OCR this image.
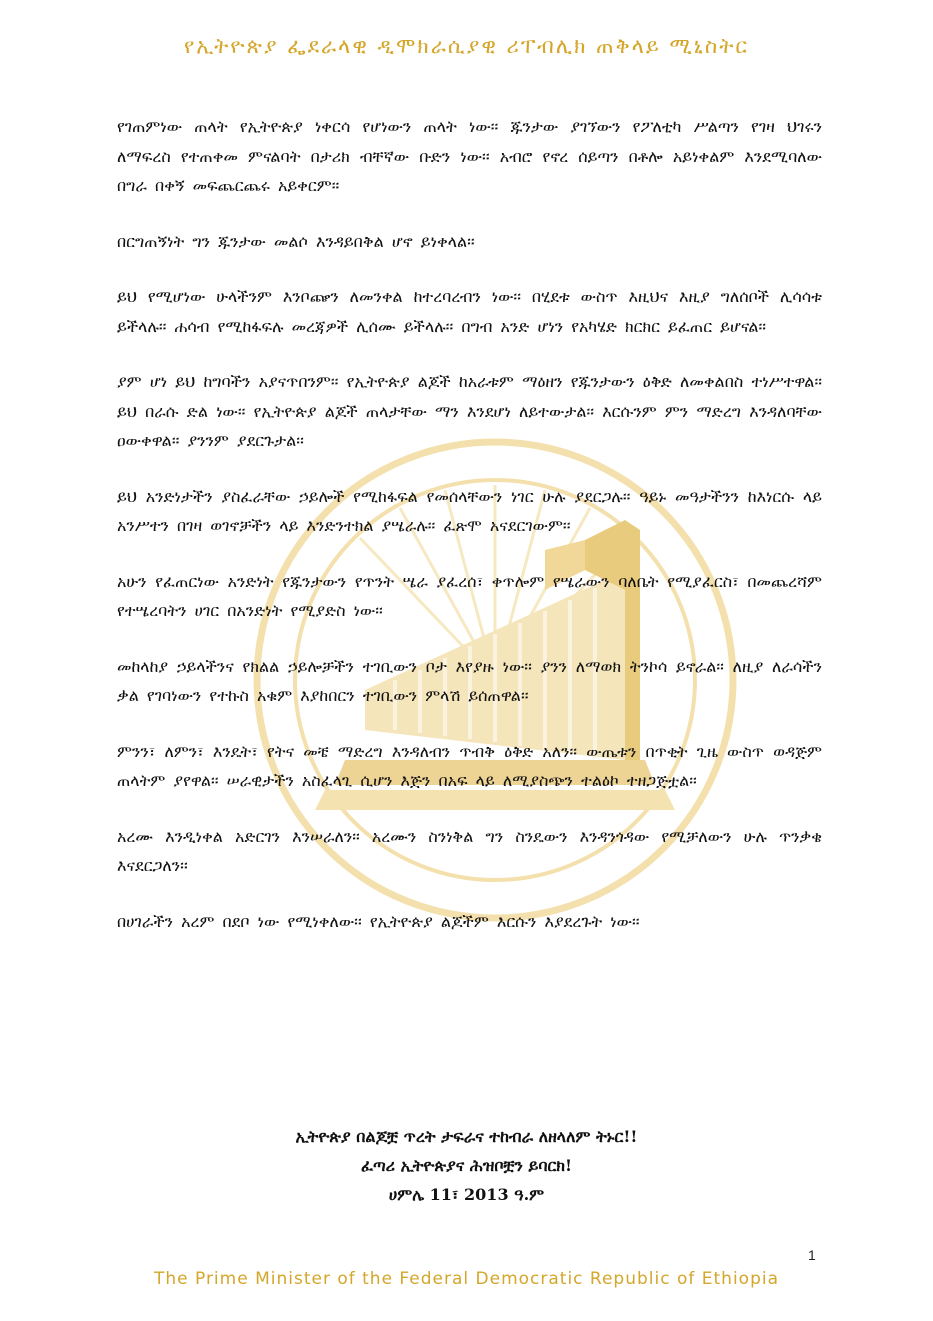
የኢትዮጵያ ፌደራላዊ ዲሞክራሲያዊ ሪፐብሊክ ጠቅላይ ሚኒስትር

የገጠምነው ጠላት የኢትዮጵያ ነቀርሳ የሆነውን ጠላት ነው፡፡ ጁንታው ያገኘውን የፖለቲካ ሥልጣን የገዛ ህገሩን ለማፍረስ የተጠቀመ ምናልባት በታሪክ ብቸኛው ቡድን ነው፡፡ አብሮ የኖረ ሰይጣን በቶሎ አይነቀልም እንደሚባለው በግራ በቀኝ መፍጨርጨሩ አይቀርም፡፡

በርግጠኝነት ግን ጁንታው መልሶ እንዳይበቅል ሆኖ ይነቀላል፡፡

ይህ የሚሆነው ሁላችንም እንቦጬን ለመንቀል ከተረባረብን ነው፡፡ በሂደቱ ውስጥ እዚህና እዚያ ግለሰቦች ሊሳሳቱ ይችላሉ፡፡ ሐሳብ የሚከፋፍሉ መረጃዎች ሊሰሙ ይችላሉ፡፡ በግብ አንድ ሆነን የአካሄድ ክርክር ይፈጠር ይሆናል፡፡

ያም ሆነ ይህ ከግባችን አያናጥበንም፡፡ የኢትዮጵያ ልጆች ከአራቱም ማዕዘን የጁንታውን ዕቅድ ለመቀልበስ ተነሥተዋል፡፡ ይህ በራሱ ድል ነው፡፡ የኢትዮጵያ ልጆች ጠላታቸው ማን እንደሆነ ለይተውታል፡፡ እርሱንም ምን ማድረግ እንዳለባቸው ዐውቀዋል፡፡ ያንንም ያደርጉታል፡፡

ይህ አንድነታችን ያስፈራቸው ኃይሎች የሚከፋፍል የመሰላቸውን ነገር ሁሉ ያደርጋሉ፡፡ ዓይኑ መዓታችንን ከእነርሱ ላይ አንሥተን በገዛ ወገኖቻችን ላይ እንድንተክል ያሤራሉ፡፡ ፈጽሞ አናደርገውም፡፡

አሁን የፈጠርነው አንድነት የጁንታውን የጥንት ሤራ ያፈረሰ፣ ቀጥሎም የሤራውን ባለቤት የሚያፈርስ፣ በመጨረሻም የተሤረባትን ሀገር በአንድነት የሚያድስ ነው፡፡

መከላከያ ኃይላችንና የክልል ኃይሎቻችን ተገቢውን ቦታ እየያዙ ነው፡፡ ያንን ለማወክ ትንኮሳ ይኖራል፡፡ ለዚያ ለራሳችን ቃል የገባነውን የተኩስ አቁም እያከበርን ተገቢውን ምላሽ ይሰጠዋል፡፡

ምንን፣ ለምን፣ እንዴት፣ የትና መቼ ማድረግ እንዳለብን ጥብቅ ዕቅድ አለን፡፡ ውጤቱን በጥቂት ጊዜ ውስጥ ወዳጅም ጠላትም ያየዋል፡፡ ሠራዊታችን አስፈላጊ ሲሆን እጅን በአፍ ላይ ለሚያስጭን ተልዕኮ ተዘጋጅቷል፡፡

አረሙ እንዲነቀል አድርገን እንሠራለን፡፡ አረሙን ስንነቅል ግን ስንዴውን እንዳንጎዳው የሚቻለውን ሁሉ ጥንቃቄ እናደርጋለን፡፡

በሀገራችን አረም በደቦ ነው የሚነቀለው፡፡ የኢትዮጵያ ልጆችም እርሱን እያደረጉት ነው፡፡

ኢትዮጵያ በልጆቿ ጥረት ታፍራና ተከብራ ለዘላለም ትኑር!!
ፈጣሪ ኢትዮጵያና ሕዝቦቿን ይባርክ!
ሀምሌ 11፣ 2013 ዓ.ም
1
The Prime Minister of the Federal Democratic Republic of Ethiopia
